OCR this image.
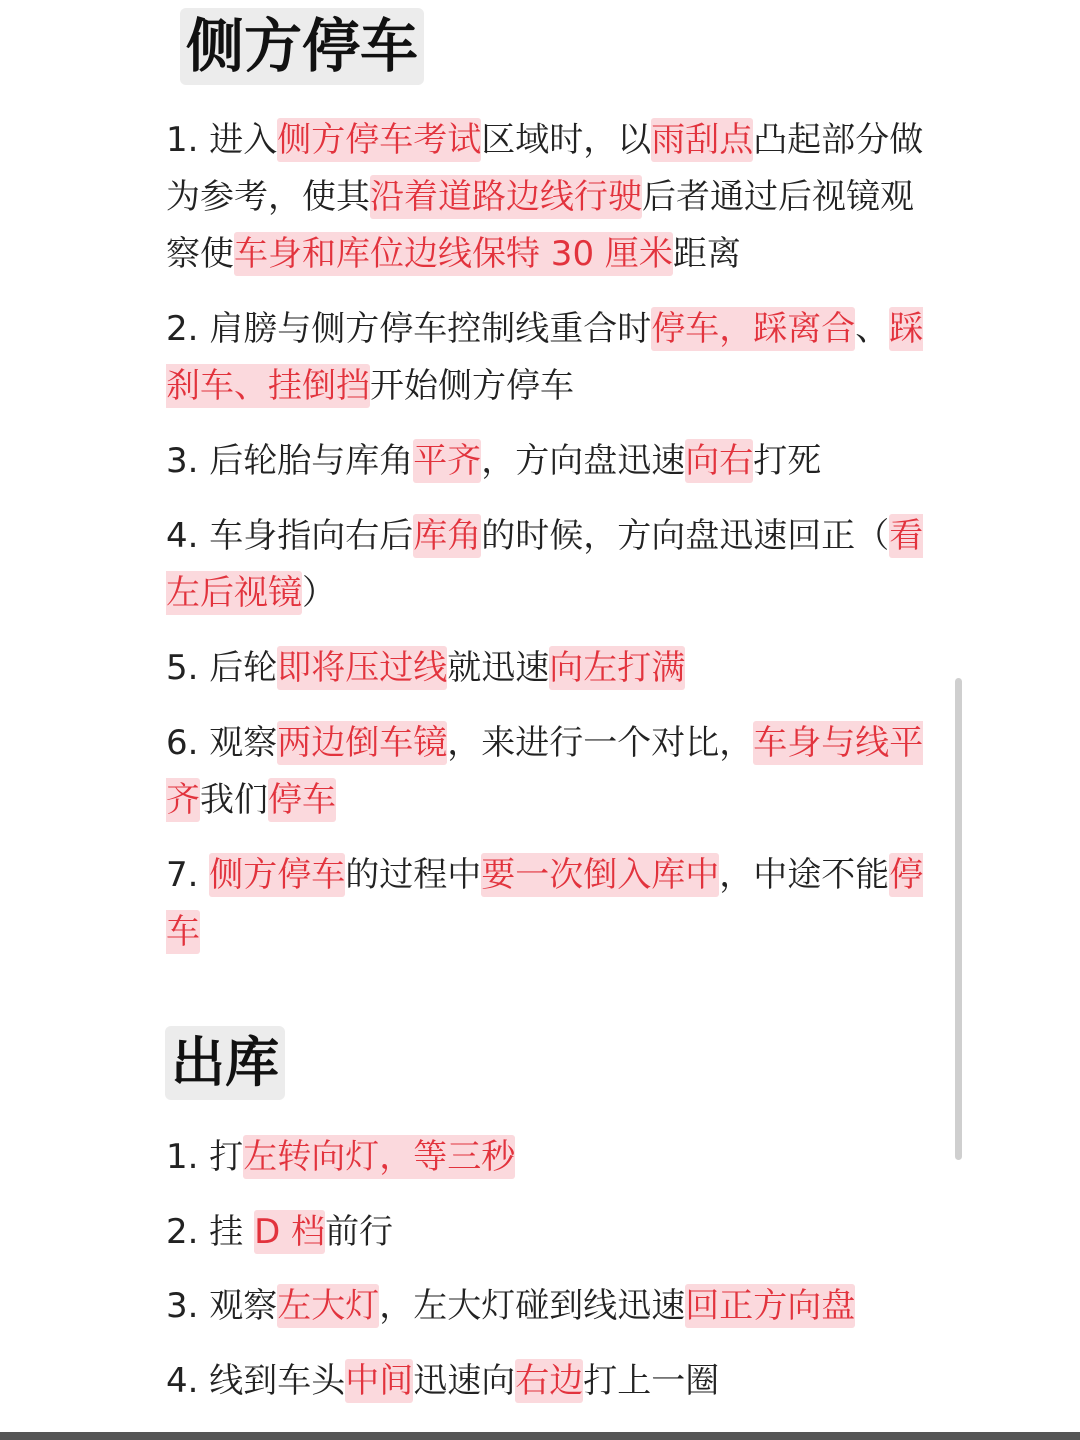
侧方停车
1. 进入侧方停车考试区域时，以雨刮点凸起部分做为参考，使其沿着道路边线行驶后者通过后视镜观察使车身和库位边线保特 30 厘米距离
2. 肩膀与侧方停车控制线重合时停车，踩离合、踩刹车、挂倒挡开始侧方停车
3. 后轮胎与库角平齐，方向盘迅速向右打死
4. 车身指向右后库角的时候，方向盘迅速回正（看左后视镜）
5. 后轮即将压过线就迅速向左打满
6. 观察两边倒车镜，来进行一个对比，车身与线平齐我们停车
7. 侧方停车的过程中要一次倒入库中，中途不能停车
出库
1. 打左转向灯，等三秒
2. 挂 D 档前行
3. 观察左大灯，左大灯碰到线迅速回正方向盘
4. 线到车头中间迅速向右边打上一圈
